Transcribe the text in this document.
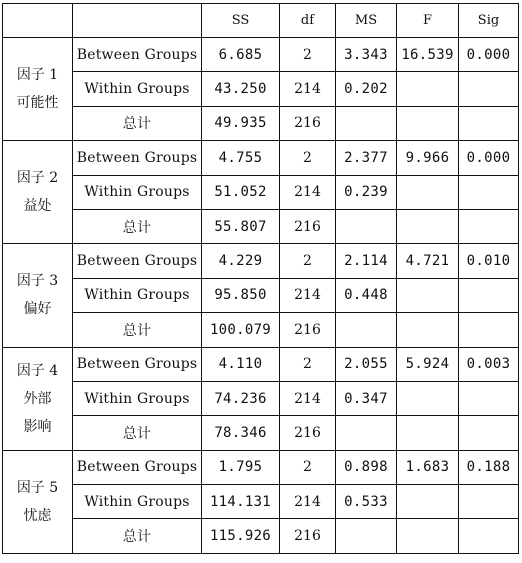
		SS	df	MS	F	Sig

因子 1
可能性	Between Groups	6.685	2	3.343	16.539	0.000
	Within Groups	43.250	214	0.202		
	总计	49.935	216			

因子 2
益处	Between Groups	4.755	2	2.377	9.966	0.000
	Within Groups	51.052	214	0.239		
	总计	55.807	216			

因子 3
偏好	Between Groups	4.229	2	2.114	4.721	0.010
	Within Groups	95.850	214	0.448		
	总计	100.079	216			

因子 4
外部
影响	Between Groups	4.110	2	2.055	5.924	0.003
	Within Groups	74.236	214	0.347		
	总计	78.346	216			

因子 5
忧虑	Between Groups	1.795	2	0.898	1.683	0.188
	Within Groups	114.131	214	0.533		
	总计	115.926	216			
